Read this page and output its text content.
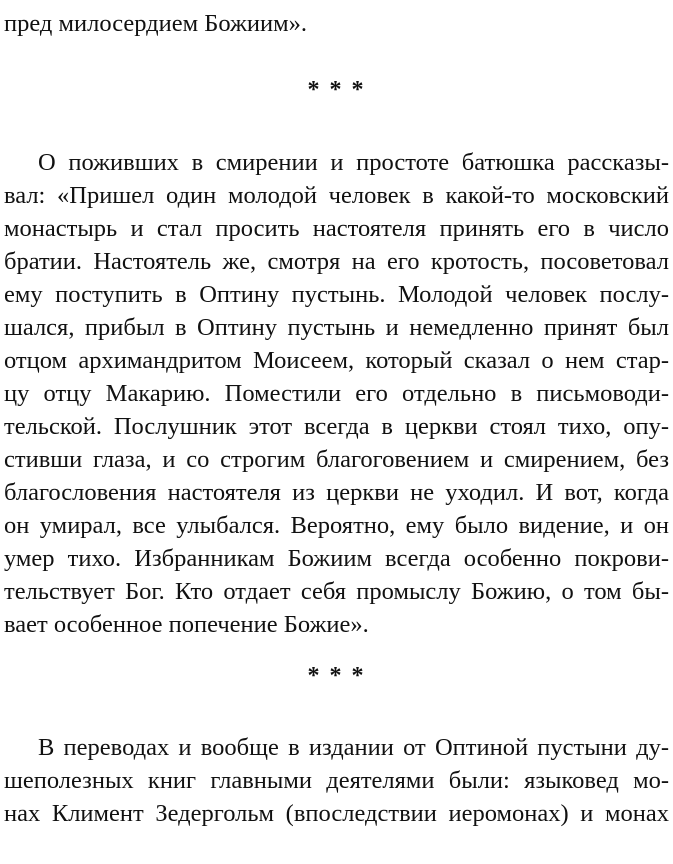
пред милосердием Божиим».
* * *
О поживших в смирении и простоте батюшка рассказы-
вал: «Пришел один молодой человек в какой-то московский
монастырь и стал просить настоятеля принять его в число
братии. Настоятель же, смотря на его кротость, посоветовал
ему поступить в Оптину пустынь. Молодой человек послу-
шался, прибыл в Оптину пустынь и немедленно принят был
отцом архимандритом Моисеем, который сказал о нем стар-
цу отцу Макарию. Поместили его отдельно в письмоводи-
тельской. Послушник этот всегда в церкви стоял тихо, опу-
стивши глаза, и со строгим благоговением и смирением, без
благословения настоятеля из церкви не уходил. И вот, когда
он умирал, все улыбался. Вероятно, ему было видение, и он
умер тихо. Избранникам Божиим всегда особенно покрови-
тельствует Бог. Кто отдает себя промыслу Божию, о том бы-
вает особенное попечение Божие».
* * *
В переводах и вообще в издании от Оптиной пустыни ду-
шеполезных книг главными деятелями были: языковед мо-
нах Климент Зедергольм (впоследствии иеромонах) и монах
